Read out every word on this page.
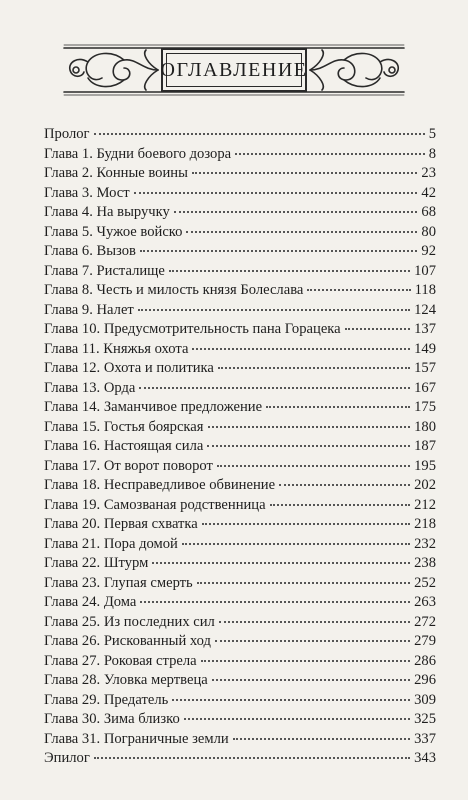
ОГЛАВЛЕНИЕ
Пролог	5
Глава 1. Будни боевого дозора	8
Глава 2. Конные воины	23
Глава 3. Мост	42
Глава 4. На выручку	68
Глава 5. Чужое войско	80
Глава 6. Вызов	92
Глава 7. Ристалище	107
Глава 8. Честь и милость князя Болеслава	118
Глава 9. Налет	124
Глава 10. Предусмотрительность пана Горацека	137
Глава 11. Княжья охота	149
Глава 12. Охота и политика	157
Глава 13. Орда	167
Глава 14. Заманчивое предложение	175
Глава 15. Гостья боярская	180
Глава 16. Настоящая сила	187
Глава 17. От ворот поворот	195
Глава 18. Несправедливое обвинение	202
Глава 19. Самозваная родственница	212
Глава 20. Первая схватка	218
Глава 21. Пора домой	232
Глава 22. Штурм	238
Глава 23. Глупая смерть	252
Глава 24. Дома	263
Глава 25. Из последних сил	272
Глава 26. Рискованный ход	279
Глава 27. Роковая стрела	286
Глава 28. Уловка мертвеца	296
Глава 29. Предатель	309
Глава 30. Зима близко	325
Глава 31. Пограничные земли	337
Эпилог	343
